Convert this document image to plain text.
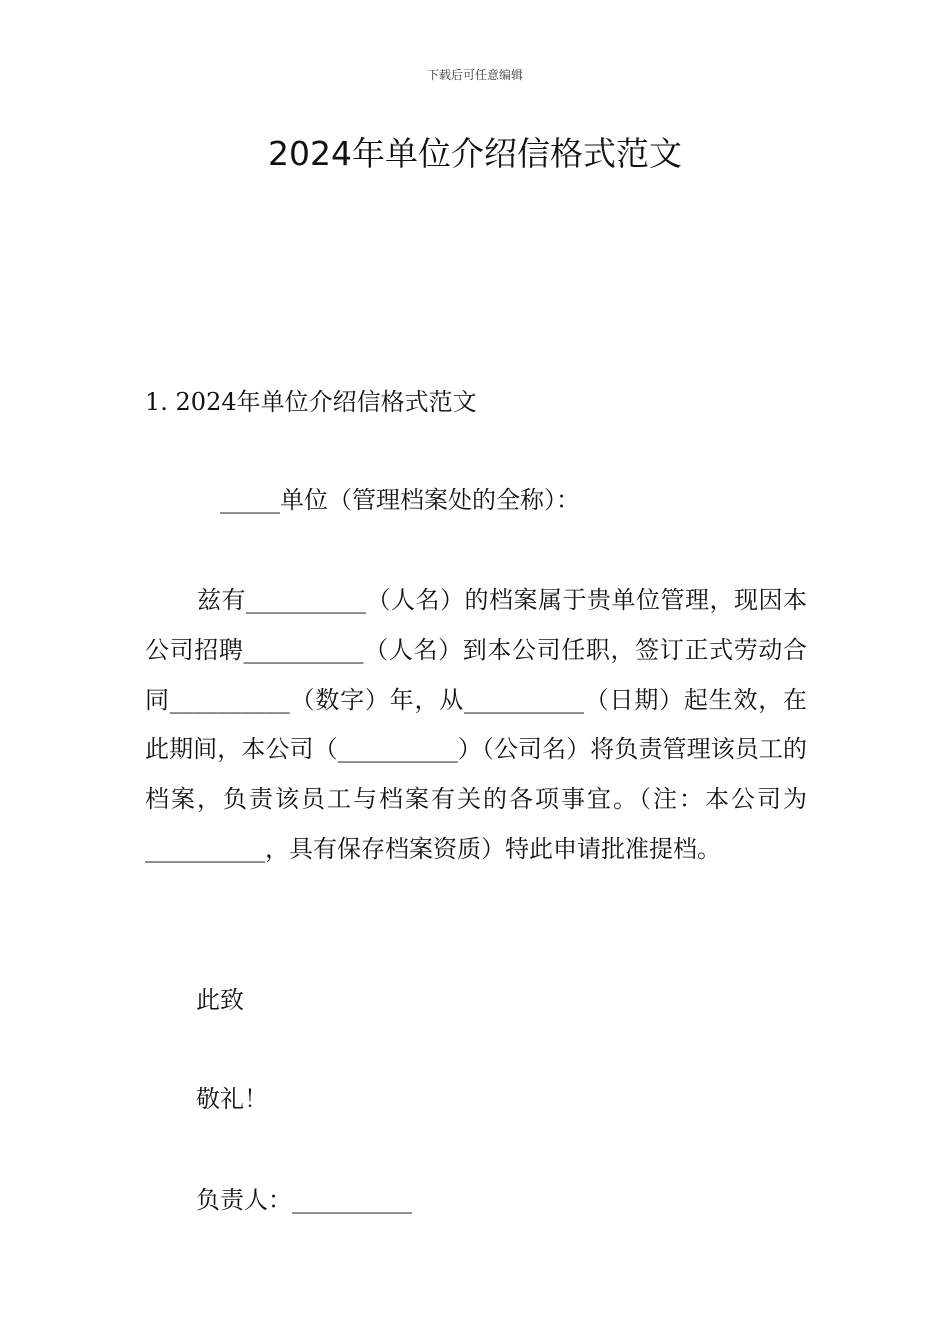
下载后可任意编辑
2024年单位介绍信格式范文
1. 2024年单位介绍信格式范文
_____单位（管理档案处的全称）：

兹有__________（人名）的档案属于贵单位管理，现因本公司招聘__________（人名）到本公司任职，签订正式劳动合同__________（数字）年，从__________（日期）起生效，在此期间，本公司（__________）（公司名）将负责管理该员工的档案，负责该员工与档案有关的各项事宜。（注：本公司为__________，具有保存档案资质）特此申请批准提档。

此致
敬礼！
负责人：__________
